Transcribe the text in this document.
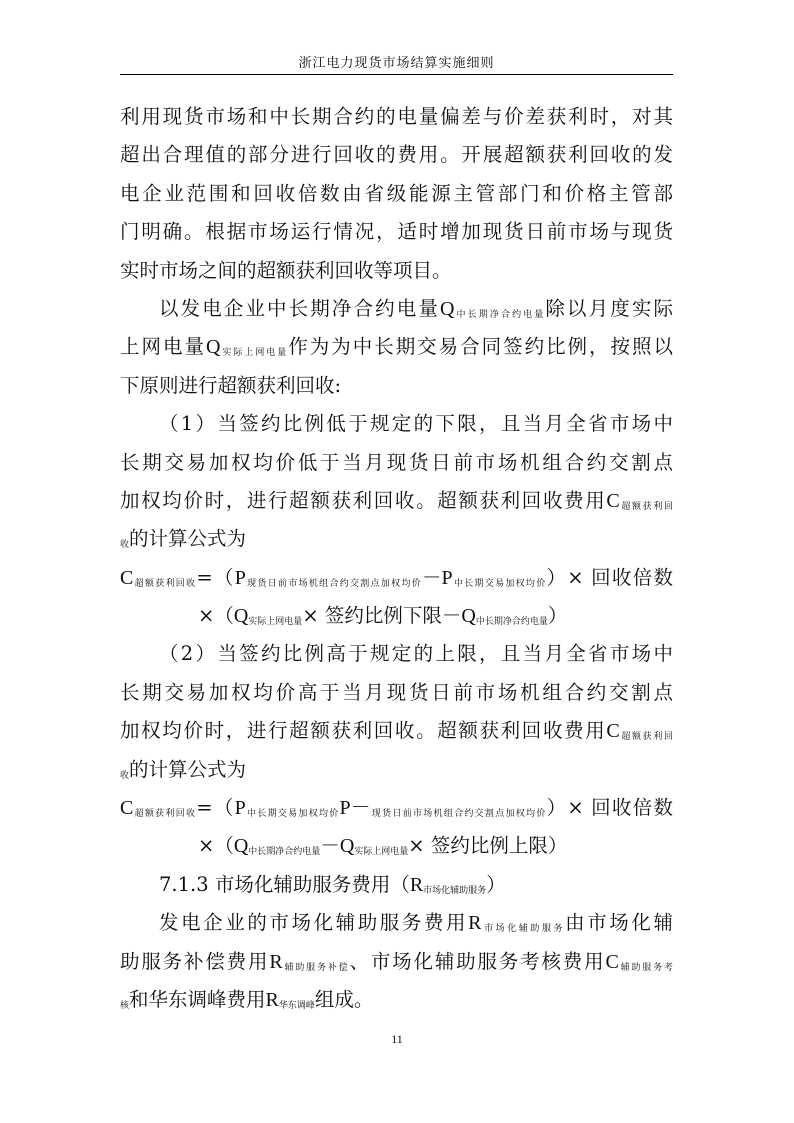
浙江电力现货市场结算实施细则
利用现货市场和中长期合约的电量偏差与价差获利时，对其
超出合理值的部分进行回收的费用。开展超额获利回收的发
电企业范围和回收倍数由省级能源主管部门和价格主管部
门明确。根据市场运行情况，适时增加现货日前市场与现货
实时市场之间的超额获利回收等项目。
以发电企业中长期净合约电量$Q_{中长期净合约电量}$除以月度实际
上网电量$Q_{实际上网电量}$作为为中长期交易合同签约比例，按照以
下原则进行超额获利回收:
（1）当签约比例低于规定的下限，且当月全省市场中
长期交易加权均价低于当月现货日前市场机组合约交割点
加权均价时，进行超额获利回收。超额获利回收费用$C_{超额获利回}$
$_收$的计算公式为
$C_{超额获利回收}=(P_{现货日前市场机组合约交割点加权均价}-P_{中长期交易加权均价})\times$ 回收倍数
$\times(Q_{实际上网电量}\times$ 签约比例下限$-Q_{中长期净合约电量}$）
（2）当签约比例高于规定的上限，且当月全省市场中
长期交易加权均价高于当月现货日前市场机组合约交割点
加权均价时，进行超额获利回收。超额获利回收费用$C_{超额获利回}$
$_收$的计算公式为
$C_{超额获利回收}=(P_{中长期交易加权均价}P-_{现货日前市场机组合约交割点加权均价})\times$ 回收倍数
$\times(Q_{中长期净合约电量}-Q_{实际上网电量}\times$ 签约比例上限）
7.1.3 市场化辅助服务费用$(R_{市场化辅助服务})$
发电企业的市场化辅助服务费用$R_{市场化辅助服务}$由市场化辅
助服务补偿费用$R_{辅助服务补偿}$、市场化辅助服务考核费用$C_{辅助服务考}$
$_核$和华东调峰费用$R_{华东调峰}$组成。
11
